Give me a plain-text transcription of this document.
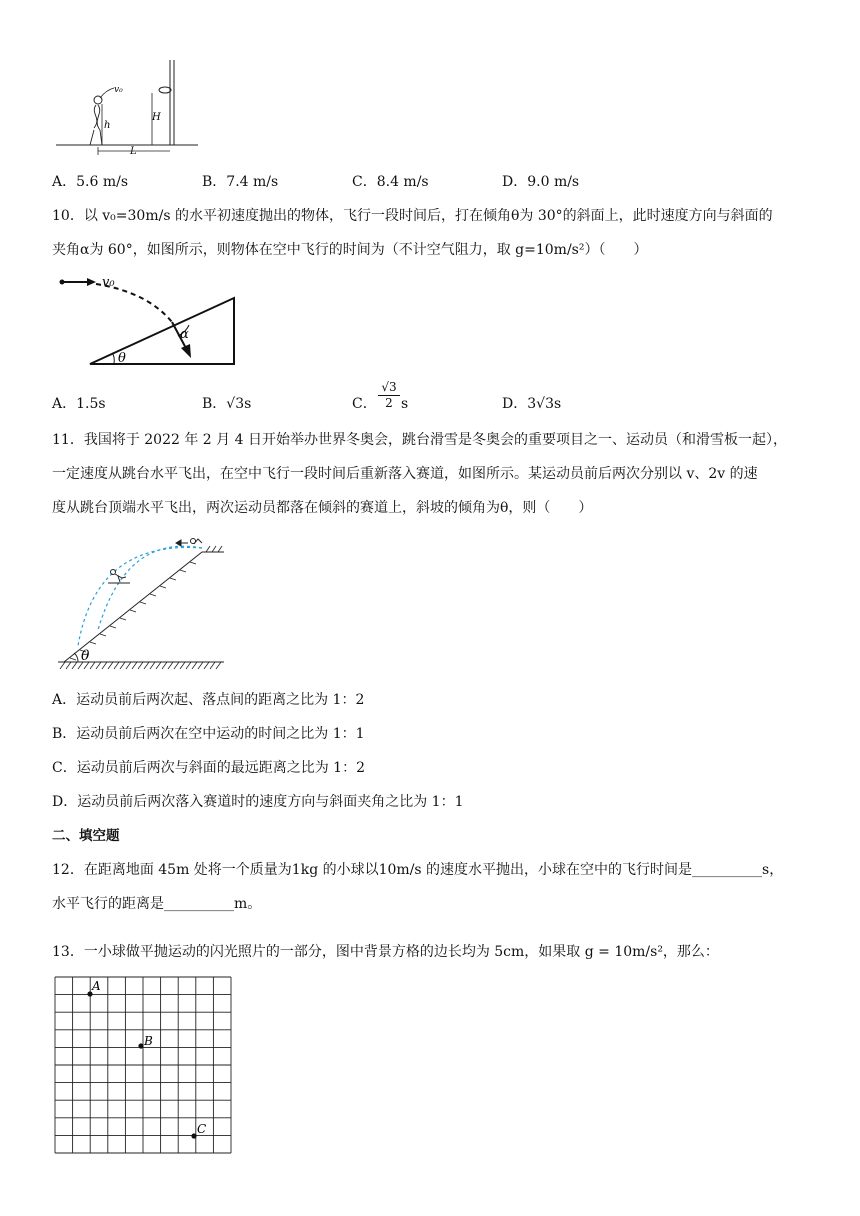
H
v₀
h
L
A．5.6 m/s	B．7.4 m/s	C．8.4 m/s	D．9.0 m/s
10．以 v₀=30m/s 的水平初速度抛出的物体，飞行一段时间后，打在倾角θ为 30°的斜面上，此时速度方向与斜面的
夹角α为 60°，如图所示，则物体在空中飞行的时间为（不计空气阻力，取 g=10m/s²）（　　）
v₀
α
θ
A．1.5s	B．√3s	C． $\frac{√3}{2}$ s	D．3√3s
11．我国将于 2022 年 2 月 4 日开始举办世界冬奥会，跳台滑雪是冬奥会的重要项目之一、运动员（和滑雪板一起），
一定速度从跳台水平飞出，在空中飞行一段时间后重新落入赛道，如图所示。某运动员前后两次分别以 v、2v 的速
度从跳台顶端水平飞出，两次运动员都落在倾斜的赛道上，斜坡的倾角为θ，则（　　）
θ
A．运动员前后两次起、落点间的距离之比为 1：2
B．运动员前后两次在空中运动的时间之比为 1：1
C．运动员前后两次与斜面的最远距离之比为 1：2
D．运动员前后两次落入赛道时的速度方向与斜面夹角之比为 1：1
二、填空题
12．在距离地面 45m 处将一个质量为1kg 的小球以10m/s 的速度水平抛出，小球在空中的飞行时间是__________s，
水平飞行的距离是__________m。
13．一小球做平抛运动的闪光照片的一部分，图中背景方格的边长均为 5cm，如果取 g = 10m/s²，那么：
A
B
C
